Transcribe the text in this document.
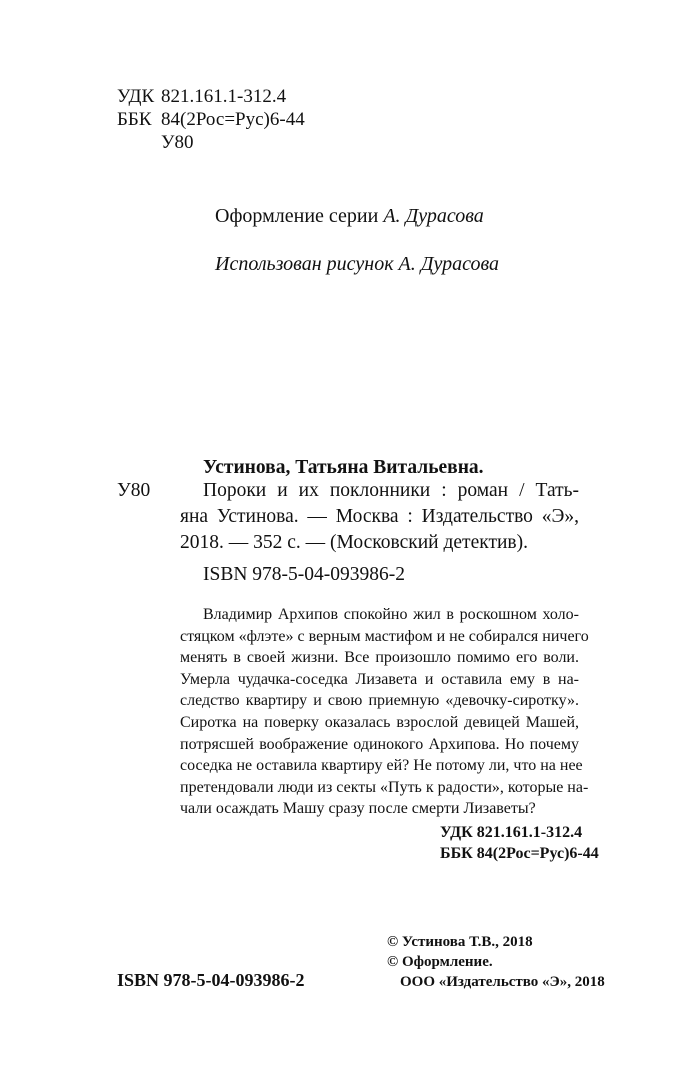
УДК 821.161.1-312.4
ББК 84(2Рос=Рус)6-44
У80
Оформление серии А. Дурасова
Использован рисунок А. Дурасова
Устинова, Татьяна Витальевна.
У80	Пороки и их поклонники : роман / Тать-
яна Устинова. — Москва : Издательство «Э»,
2018. — 352 с. — (Московский детектив).
ISBN 978-5-04-093986-2
Владимир Архипов спокойно жил в роскошном холо-
стяцком «флэте» с верным мастифом и не собирался ничего
менять в своей жизни. Все произошло помимо его воли.
Умерла чудачка-соседка Лизавета и оставила ему в на-
следство квартиру и свою приемную «девочку-сиротку».
Сиротка на поверку оказалась взрослой девицей Машей,
потрясшей воображение одинокого Архипова. Но почему
соседка не оставила квартиру ей? Не потому ли, что на нее
претендовали люди из секты «Путь к радости», которые на-
чали осаждать Машу сразу после смерти Лизаветы?
УДК 821.161.1-312.4
ББК 84(2Рос=Рус)6-44
© Устинова Т.В., 2018
© Оформление.
ООО «Издательство «Э», 2018
ISBN 978-5-04-093986-2
